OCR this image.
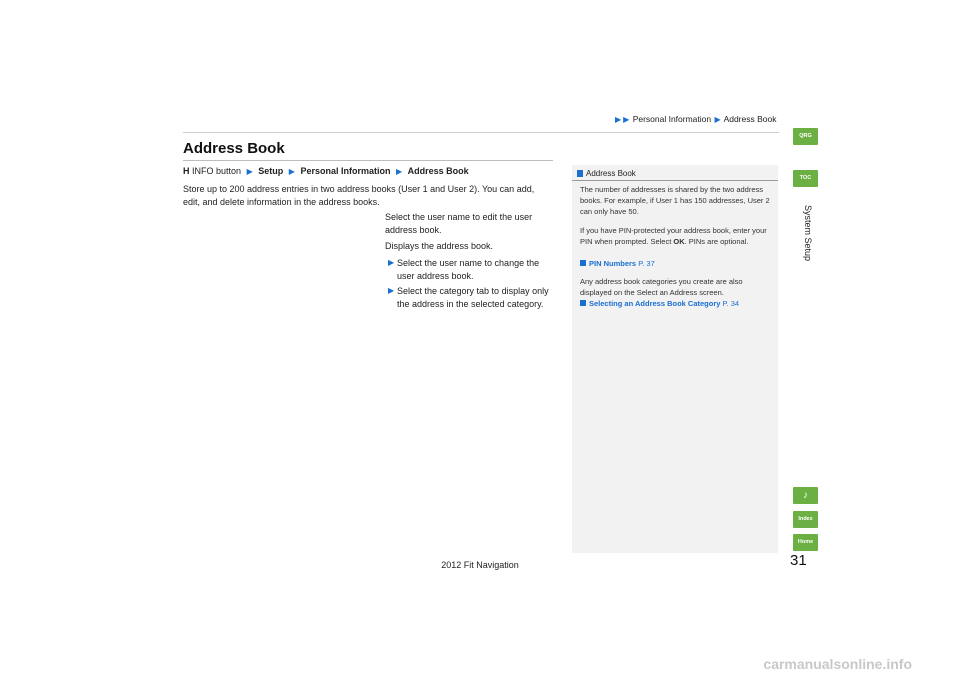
▶ ▶ Personal Information ▶ Address Book
Address Book
H INFO button ▶ Setup ▶ Personal Information ▶ Address Book
Store up to 200 address entries in two address books (User 1 and User 2). You can add, edit, and delete information in the address books.
Select the user name to edit the user address book.
Displays the address book.
▶ Select the user name to change the user address book.
▶ Select the category tab to display only the address in the selected category.
Address Book
The number of addresses is shared by the two address books. For example, if User 1 has 150 addresses, User 2 can only have 50.
If you have PIN-protected your address book, enter your PIN when prompted. Select OK. PINs are optional.
PIN Numbers P. 37
Any address book categories you create are also displayed on the Select an Address screen.
Selecting an Address Book Category P. 34
QRG
TOC
System Setup
♪
Index
Home
31
2012 Fit Navigation
carmanualsonline.info
